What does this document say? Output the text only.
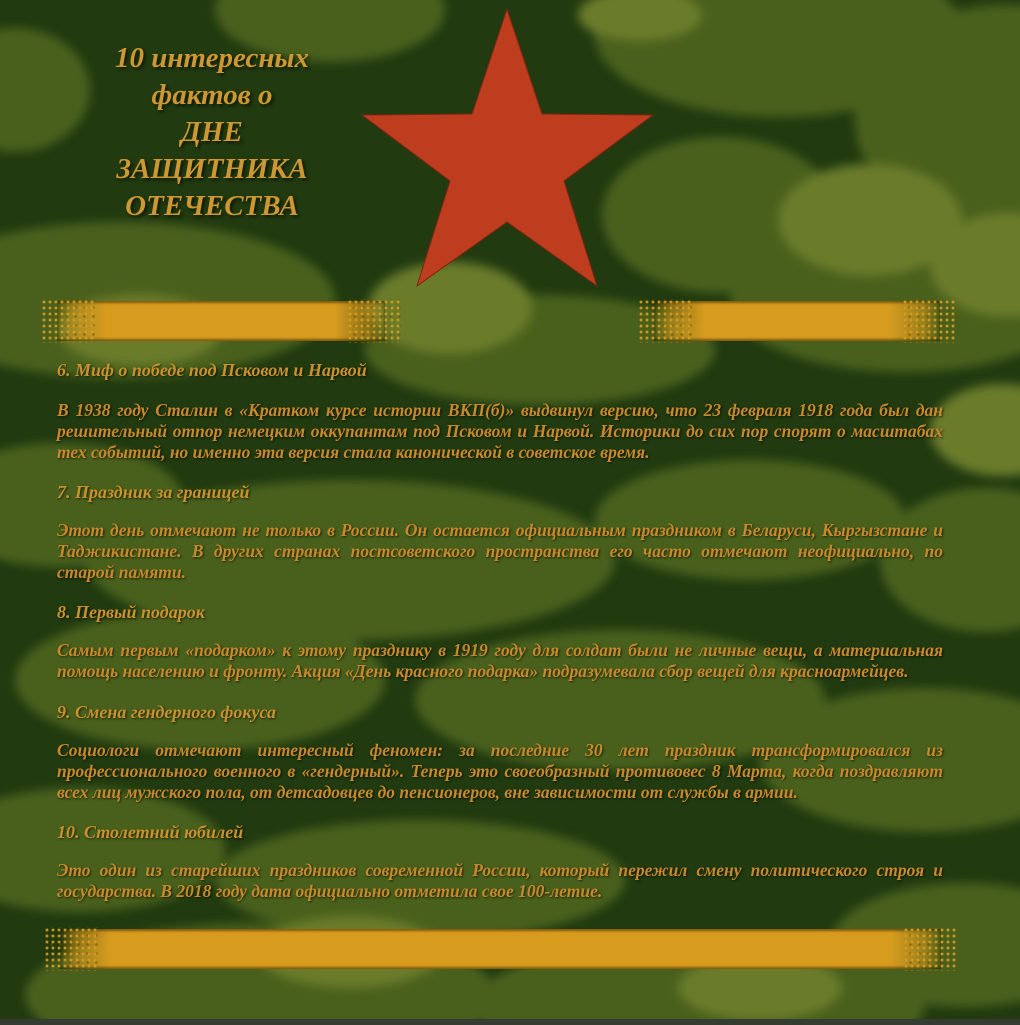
10 интересных
фактов о
ДНЕ
ЗАЩИТНИКА
ОТЕЧЕСТВА
6. Миф о победе под Псковом и Нарвой
В 1938 году Сталин в «Кратком курсе истории ВКП(б)» выдвинул версию, что 23 февраля 1918 года был дан решительный отпор немецким оккупантам под Псковом и Нарвой. Историки до сих пор спорят о масштабах тех событий, но именно эта версия стала канонической в советское время.
7. Праздник за границей
Этот день отмечают не только в России. Он остается официальным праздником в Беларуси, Кыргызстане и Таджикистане. В других странах постсоветского пространства его часто отмечают неофициально, по старой памяти.
8. Первый подарок
Самым первым «подарком» к этому празднику в 1919 году для солдат были не личные вещи, а материальная помощь населению и фронту. Акция «День красного подарка» подразумевала сбор вещей для красноармейцев.
9. Смена гендерного фокуса
Социологи отмечают интересный феномен: за последние 30 лет праздник трансформировался из профессионального военного в «гендерный». Теперь это своеобразный противовес 8 Марта, когда поздравляют всех лиц мужского пола, от детсадовцев до пенсионеров, вне зависимости от службы в армии.
10. Столетний юбилей
Это один из старейших праздников современной России, который пережил смену политического строя и государства. В 2018 году дата официально отметила свое 100-летие.
